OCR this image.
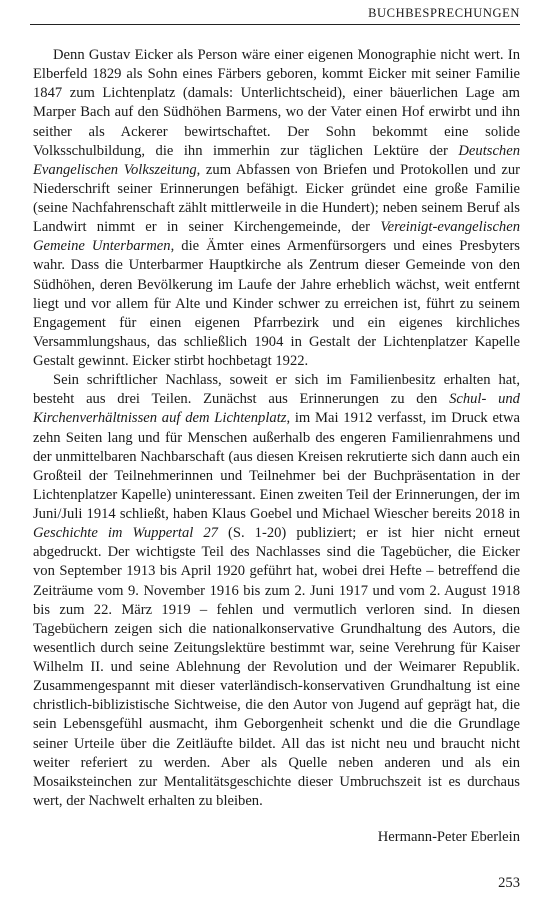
BUCHBESPRECHUNGEN

Denn Gustav Eicker als Person wäre einer eigenen Monographie nicht wert. In Elberfeld 1829 als Sohn eines Färbers geboren, kommt Eicker mit seiner Familie 1847 zum Lichtenplatz (damals: Unterlichtscheid), einer bäuerlichen Lage am Marper Bach auf den Südhöhen Barmens, wo der Vater einen Hof erwirbt und ihn seither als Ackerer bewirtschaftet. Der Sohn bekommt eine solide Volksschulbildung, die ihn immerhin zur täglichen Lektüre der Deutschen Evangelischen Volkszeitung, zum Abfassen von Briefen und Protokollen und zur Niederschrift seiner Erinnerungen befähigt. Eicker gründet eine große Familie (seine Nachfahrenschaft zählt mittlerweile in die Hundert); neben seinem Beruf als Landwirt nimmt er in seiner Kirchengemeinde, der Vereinigt-evangelischen Gemeine Unterbarmen, die Ämter eines Armenfürsorgers und eines Presbyters wahr. Dass die Unterbarmer Hauptkirche als Zentrum dieser Gemeinde von den Südhöhen, deren Bevölkerung im Laufe der Jahre erheblich wächst, weit entfernt liegt und vor allem für Alte und Kinder schwer zu erreichen ist, führt zu seinem Engagement für einen eigenen Pfarrbezirk und ein eigenes kirchliches Versammlungshaus, das schließlich 1904 in Gestalt der Lichtenplatzer Kapelle Gestalt gewinnt. Eicker stirbt hochbetagt 1922.

Sein schriftlicher Nachlass, soweit er sich im Familienbesitz erhalten hat, besteht aus drei Teilen. Zunächst aus Erinnerungen zu den Schul- und Kirchenverhältnissen auf dem Lichtenplatz, im Mai 1912 verfasst, im Druck etwa zehn Seiten lang und für Menschen außerhalb des engeren Familienrahmens und der unmittelbaren Nachbarschaft (aus diesen Kreisen rekrutierte sich dann auch ein Großteil der Teilnehmerinnen und Teilnehmer bei der Buchpräsentation in der Lichtenplatzer Kapelle) uninteressant. Einen zweiten Teil der Erinnerungen, der im Juni/Juli 1914 schließt, haben Klaus Goebel und Michael Wiescher bereits 2018 in Geschichte im Wuppertal 27 (S. 1-20) publiziert; er ist hier nicht erneut abgedruckt. Der wichtigste Teil des Nachlasses sind die Tagebücher, die Eicker von September 1913 bis April 1920 geführt hat, wobei drei Hefte – betreffend die Zeiträume vom 9. November 1916 bis zum 2. Juni 1917 und vom 2. August 1918 bis zum 22. März 1919 – fehlen und vermutlich verloren sind. In diesen Tagebüchern zeigen sich die nationalkonservative Grundhaltung des Autors, die wesentlich durch seine Zeitungslektüre bestimmt war, seine Verehrung für Kaiser Wilhelm II. und seine Ablehnung der Revolution und der Weimarer Republik. Zusammengespannt mit dieser vaterländisch-konservativen Grundhaltung ist eine christlich-biblizistische Sichtweise, die den Autor von Jugend auf geprägt hat, die sein Lebensgefühl ausmacht, ihm Geborgenheit schenkt und die die Grundlage seiner Urteile über die Zeitläufte bildet. All das ist nicht neu und braucht nicht weiter referiert zu werden. Aber als Quelle neben anderen und als ein Mosaiksteinchen zur Mentalitätsgeschichte dieser Umbruchszeit ist es durchaus wert, der Nachwelt erhalten zu bleiben.

Hermann-Peter Eberlein
253
